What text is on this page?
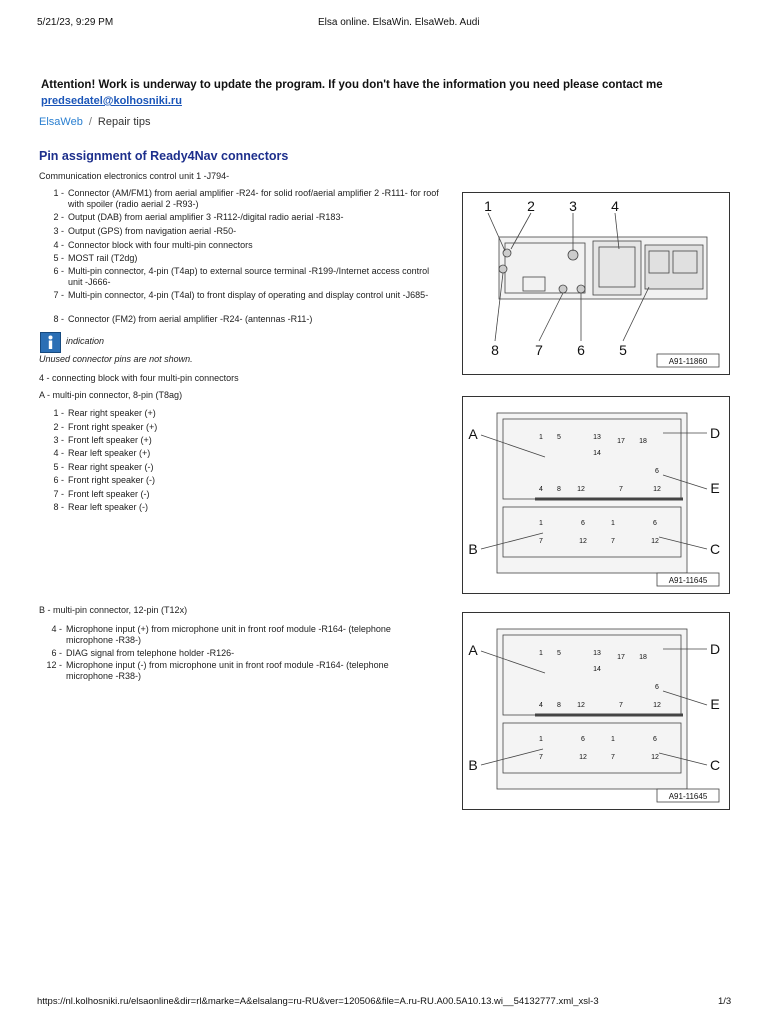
5/21/23, 9:29 PM	Elsa online. ElsaWin. ElsaWeb. Audi
Attention! Work is underway to update the program. If you don't have the information you need please contact me
predsedatel@kolhosniki.ru
ElsaWeb / Repair tips
Pin assignment of Ready4Nav connectors
Communication electronics control unit 1 -J794-
1 - Connector (AM/FM1) from aerial amplifier -R24- for solid roof/aerial amplifier 2 -R111- for roof with spoiler (radio aerial 2 -R93-)
2 - Output (DAB) from aerial amplifier 3 -R112-/digital radio aerial -R183-
3 - Output (GPS) from navigation aerial -R50-
4 - Connector block with four multi-pin connectors
5 - MOST rail (T2dg)
6 - Multi-pin connector, 4-pin (T4ap) to external source terminal -R199-/Internet access control unit -J666-
7 - Multi-pin connector, 4-pin (T4al) to front display of operating and display control unit -J685-
8 - Connector (FM2) from aerial amplifier -R24- (antennas -R11-)
indication
Unused connector pins are not shown.
4 - connecting block with four multi-pin connectors
A - multi-pin connector, 8-pin (T8ag)
1 - Rear right speaker (+)
2 - Front right speaker (+)
3 - Front left speaker (+)
4 - Rear left speaker (+)
5 - Rear right speaker (-)
6 - Front right speaker (-)
7 - Front left speaker (-)
8 - Rear left speaker (-)
B - multi-pin connector, 12-pin (T12x)
4 - Microphone input (+) from microphone unit in front roof module -R164- (telephone microphone -R38-)
6 - DIAG signal from telephone holder -R126-
12 - Microphone input (-) from microphone unit in front roof module -R164- (telephone microphone -R38-)
1	2 3 4
8	7 6 5
A91-11860
A
B
D
E
C
1 5	13
17 18
14
4 8 12	7
6
12
1	6
7	12
1	6
7	12
A91-11645
A
B
D
E
C
1 5	13
17 18
14
4 8 12	7
6
12
1	6
7	12
1	6
7	12
A91-11645
https://nl.kolhosniki.ru/elsaonline&dir=rl&marke=A&elsalang=ru-RU&ver=120506&file=A.ru-RU.A00.5A10.13.wi__54132777.xml_xsl-3	1/3
